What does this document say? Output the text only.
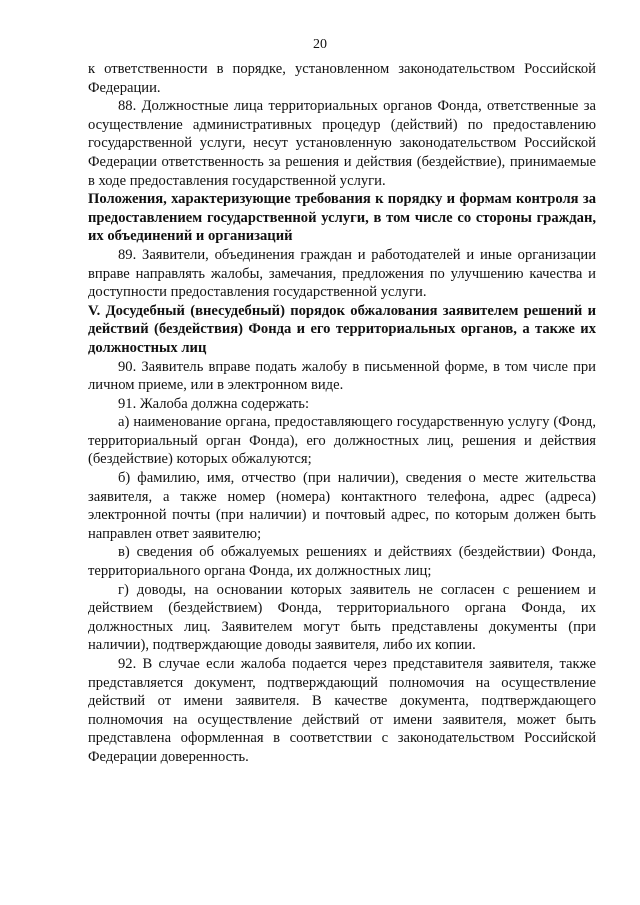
20

к ответственности в порядке, установленном законодательством Российской Федерации.

88. Должностные лица территориальных органов Фонда, ответственные за осуществление административных процедур (действий) по предоставлению государственной услуги, несут установленную законодательством Российской Федерации ответственность за решения и действия (бездействие), принимаемые в ходе предоставления государственной услуги.

Положения, характеризующие требования к порядку и формам контроля за предоставлением государственной услуги, в том числе со стороны граждан, их объединений и организаций

89. Заявители, объединения граждан и работодателей и иные организации вправе направлять жалобы, замечания, предложения по улучшению качества и доступности предоставления государственной услуги.

V. Досудебный (внесудебный) порядок обжалования заявителем решений и действий (бездействия) Фонда и его территориальных органов, а также их должностных лиц

90. Заявитель вправе подать жалобу в письменной форме, в том числе при личном приеме, или в электронном виде.

91. Жалоба должна содержать:

а) наименование органа, предоставляющего государственную услугу (Фонд, территориальный орган Фонда), его должностных лиц, решения и действия (бездействие) которых обжалуются;

б) фамилию, имя, отчество (при наличии), сведения о месте жительства заявителя, а также номер (номера) контактного телефона, адрес (адреса) электронной почты (при наличии) и почтовый адрес, по которым должен быть направлен ответ заявителю;

в) сведения об обжалуемых решениях и действиях (бездействии) Фонда, территориального органа Фонда, их должностных лиц;

г) доводы, на основании которых заявитель не согласен с решением и действием (бездействием) Фонда, территориального органа Фонда, их должностных лиц. Заявителем могут быть представлены документы (при наличии), подтверждающие доводы заявителя, либо их копии.

92. В случае если жалоба подается через представителя заявителя, также представляется документ, подтверждающий полномочия на осуществление действий от имени заявителя. В качестве документа, подтверждающего полномочия на осуществление действий от имени заявителя, может быть представлена оформленная в соответствии с законодательством Российской Федерации доверенность.
